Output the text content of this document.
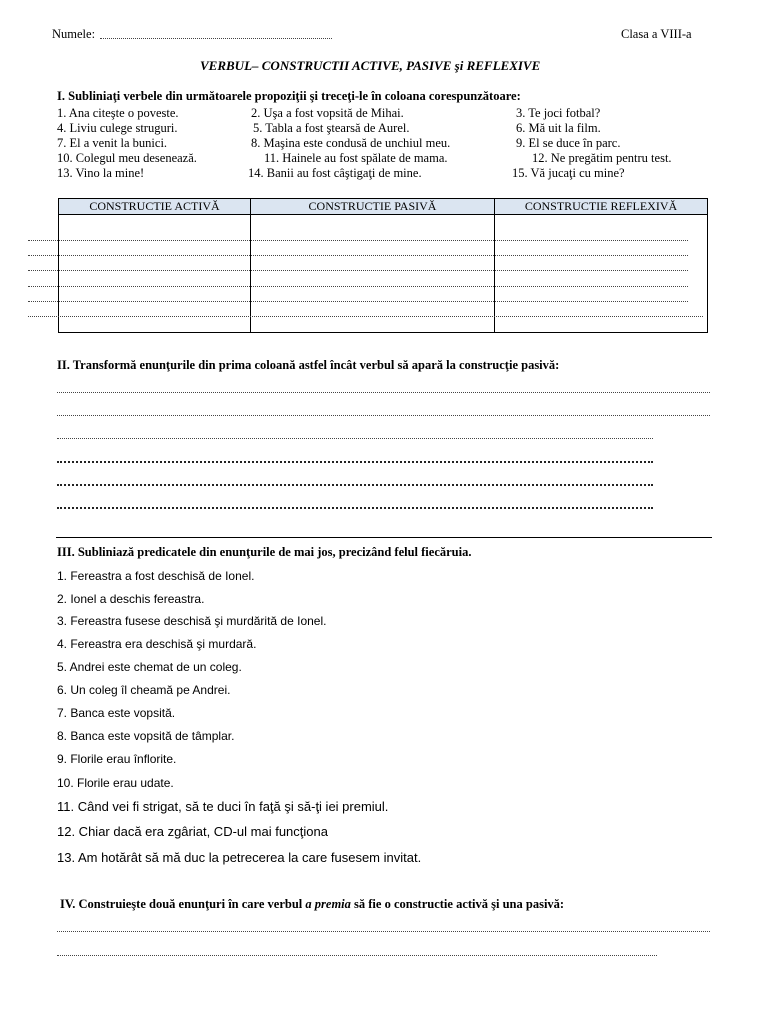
Numele:	Clasa a VIII-a
VERBUL– CONSTRUCTII ACTIVE, PASIVE şi REFLEXIVE
I. Subliniaţi verbele din următoarele propoziţii şi treceţi-le în coloana corespunzătoare:
1. Ana citeşte o poveste.	2. Uşa a fost vopsită de Mihai.	3. Te joci fotbal?
4. Liviu culege struguri.	5. Tabla a fost ştearsă de Aurel.	6. Mă uit la film.
7. El a venit la bunici.	8. Maşina este condusă de unchiul meu.	9. El se duce în parc.
10. Colegul meu desenează.	11. Hainele au fost spălate de mama.	12. Ne pregătim pentru test.
13. Vino la mine!	14. Banii au fost câştigaţi de mine.	15. Vă jucaţi cu mine?
CONSTRUCTIE ACTIVĂ	CONSTRUCTIE PASIVĂ	CONSTRUCTIE REFLEXIVĂ

II. Transformă enunţurile din prima coloană astfel încât verbul să apară la construcţie pasivă:
III. Subliniază predicatele din enunţurile de mai jos, precizând felul fiecăruia.
1. Fereastra a fost deschisă de Ionel.
2. Ionel a deschis fereastra.
3. Fereastra fusese deschisă şi murdărită de Ionel.
4. Fereastra era deschisă şi murdară.
5. Andrei este chemat de un coleg.
6. Un coleg îl cheamă pe Andrei.
7. Banca este vopsită.
8. Banca este vopsită de tâmplar.
9. Florile erau înflorite.
10. Florile erau udate.
11. Când vei fi strigat, să te duci în faţă şi să-ţi iei premiul.
12. Chiar dacă era zgâriat, CD-ul mai funcţiona
13. Am hotărât să mă duc la petrecerea la care fusesem invitat.
IV. Construieşte două enunţuri în care verbul a premia să fie o constructie activă şi una pasivă:
